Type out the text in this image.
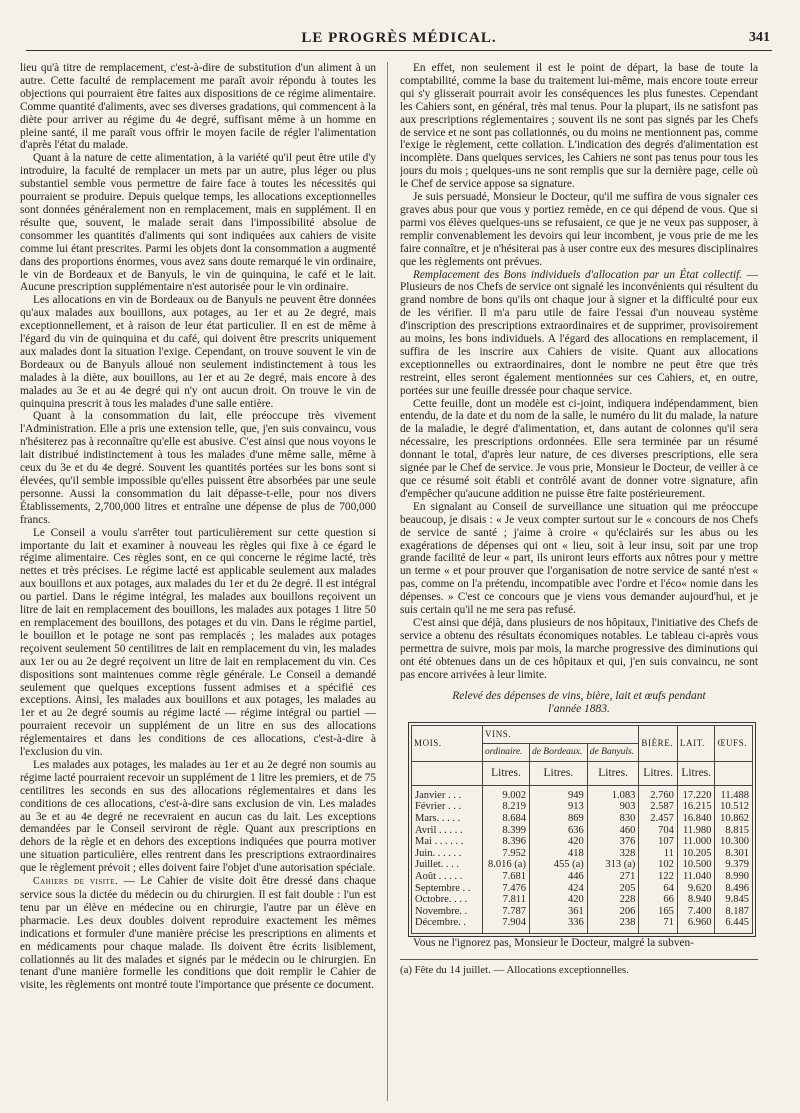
LE PROGRÈS MÉDICAL.	341

lieu qu'à titre de remplacement, c'est-à-dire de substitution d'un aliment à un autre. Cette faculté de remplacement me paraît avoir répondu à toutes les objections qui pourraient être faites aux dispositions de ce régime alimentaire. Comme quantité d'aliments, avec ses diverses gradations, qui commencent à la diète pour arriver au régime du 4e degré, suffisant même à un homme en pleine santé, il me paraît vous offrir le moyen facile de régler l'alimentation d'après l'état du malade.

Quant à la nature de cette alimentation, à la variété qu'il peut être utile d'y introduire, la faculté de remplacer un mets par un autre, plus léger ou plus substantiel semble vous permettre de faire face à toutes les nécessités qui pourraient se produire. Depuis quelque temps, les allocations exceptionnelles sont données généralement non en remplacement, mais en supplément. Il en résulte que, souvent, le malade serait dans l'impossibilité absolue de consommer les quantités d'aliments qui sont indiquées aux cahiers de visite comme lui étant prescrites. Parmi les objets dont la consommation a augmenté dans des proportions énormes, vous avez sans doute remarqué le vin ordinaire, le vin de Bordeaux et de Banyuls, le vin de quinquina, le café et le lait. Aucune prescription supplémentaire n'est autorisée pour le vin ordinaire.

Les allocations en vin de Bordeaux ou de Banyuls ne peuvent être données qu'aux malades aux bouillons, aux potages, au 1er et au 2e degré, mais exceptionnellement, et à raison de leur état particulier. Il en est de même à l'égard du vin de quinquina et du café, qui doivent être prescrits uniquement aux malades dont la situation l'exige. Cependant, on trouve souvent le vin de Bordeaux ou de Banyuls alloué non seulement indistinctement à tous les malades à la diète, aux bouillons, au 1er et au 2e degré, mais encore à des malades au 3e et au 4e degré qui n'y ont aucun droit. On trouve le vin de quinquina prescrit à tous les malades d'une salle entière.

Quant à la consommation du lait, elle préoccupe très vivement l'Administration. Elle a pris une extension telle, que, j'en suis convaincu, vous n'hésiterez pas à reconnaître qu'elle est abusive. C'est ainsi que nous voyons le lait distribué indistinctement à tous les malades d'une même salle, même à ceux du 3e et du 4e degré. Souvent les quantités portées sur les bons sont si élevées, qu'il semble impossible qu'elles puissent être absorbées par une seule personne. Aussi la consommation du lait dépasse-t-elle, pour nos divers Établissements, 2,700,000 litres et entraîne une dépense de plus de 700,000 francs.

Le Conseil a voulu s'arrêter tout particulièrement sur cette question si importante du lait et examiner à nouveau les règles qui fixe à ce égard le régime alimentaire. Ces règles sont, en ce qui concerne le régime lacté, très nettes et très précises. Le régime lacté est applicable seulement aux malades aux bouillons et aux potages, aux malades du 1er et du 2e degré. Il est intégral ou partiel. Dans le régime intégral, les malades aux bouillons reçoivent un litre de lait en remplacement des bouillons, les malades aux potages 1 litre 50 en remplacement des bouillons, des potages et du vin. Dans le régime partiel, le bouillon et le potage ne sont pas remplacés ; les malades aux potages reçoivent seulement 50 centilitres de lait en remplacement du vin, les malades aux 1er ou au 2e degré reçoivent un litre de lait en remplacement du vin. Ces dispositions sont maintenues comme règle générale. Le Conseil a demandé seulement que quelques exceptions fussent admises et a spécifié ces exceptions. Ainsi, les malades aux bouillons et aux potages, les malades au 1er et au 2e degré soumis au régime lacté — régime intégral ou partiel — pourraient recevoir un supplément de un litre en sus des allocations réglementaires et dans les conditions de ces allocations, c'est-à-dire à l'exclusion du vin.

Les malades aux potages, les malades au 1er et au 2e degré non soumis au régime lacté pourraient recevoir un supplément de 1 litre les premiers, et de 75 centilitres les seconds en sus des allocations réglementaires et dans les conditions de ces allocations, c'est-à-dire sans exclusion de vin. Les malades au 3e et au 4e degré ne recevraient en aucun cas du lait. Les exceptions demandées par le Conseil serviront de règle. Quant aux prescriptions en dehors de la règle et en dehors des exceptions indiquées que pourra motiver une situation particulière, elles rentrent dans les prescriptions extraordinaires que le règlement prévoit ; elles doivent faire l'objet d'une autorisation spéciale.

Cahiers de visite. — Le Cahier de visite doit être dressé dans chaque service sous la dictée du médecin ou du chirurgien. Il est fait double : l'un est tenu par un élève en médecine ou en chirurgie, l'autre par un élève en pharmacie. Les deux doubles doivent reproduire exactement les mêmes indications et formuler d'une manière précise les prescriptions en aliments et en médicaments pour chaque malade. Ils doivent être écrits lisiblement, collationnés au lit des malades et signés par le médecin ou le chirurgien. En tenant d'une manière formelle les conditions que doit remplir le Cahier de visite, les règlements ont montré toute l'importance que présente ce document.

En effet, non seulement il est le point de départ, la base de toute la comptabilité, comme la base du traitement lui-même, mais encore toute erreur qui s'y glisserait pourrait avoir les conséquences les plus funestes. Cependant les Cahiers sont, en général, très mal tenus. Pour la plupart, ils ne satisfont pas aux prescriptions réglementaires ; souvent ils ne sont pas signés par les Chefs de service et ne sont pas collationnés, ou du moins ne mentionnent pas, comme l'exige le règlement, cette collation. L'indication des degrés d'alimentation est incomplète. Dans quelques services, les Cahiers ne sont pas tenus pour tous les jours du mois ; quelques-uns ne sont remplis que sur la dernière page, celle où le Chef de service appose sa signature.

Je suis persuadé, Monsieur le Docteur, qu'il me suffira de vous signaler ces graves abus pour que vous y portiez remède, en ce qui dépend de vous. Que si parmi vos élèves quelques-uns se refusaient, ce que je ne veux pas supposer, à remplir convenablement les devoirs qui leur incombent, je vous prie de me les faire connaître, et je n'hésiterai pas à user contre eux des mesures disciplinaires que les règlements ont prévues.

Remplacement des Bons individuels d'allocation par un État collectif. — Plusieurs de nos Chefs de service ont signalé les inconvénients qui résultent du grand nombre de bons qu'ils ont chaque jour à signer et la difficulté pour eux de les vérifier. Il m'a paru utile de faire l'essai d'un nouveau système d'inscription des prescriptions extraordinaires et de supprimer, provisoirement au moins, les bons individuels. A l'égard des allocations en remplacement, il suffira de les inscrire aux Cahiers de visite. Quant aux allocations exceptionnelles ou extraordinaires, dont le nombre ne peut être que très restreint, elles seront également mentionnées sur ces Cahiers, et, en outre, portées sur une feuille dressée pour chaque service.

Cette feuille, dont un modèle est ci-joint, indiquera indépendamment, bien entendu, de la date et du nom de la salle, le numéro du lit du malade, la nature de la maladie, le degré d'alimentation, et, dans autant de colonnes qu'il sera nécessaire, les prescriptions ordonnées. Elle sera terminée par un résumé donnant le total, d'après leur nature, de ces diverses prescriptions, elle sera signée par le Chef de service. Je vous prie, Monsieur le Docteur, de veiller à ce que ce résumé soit établi et contrôlé avant de donner votre signature, afin d'empêcher qu'aucune addition ne puisse être faite postérieurement.

En signalant au Conseil de surveillance une situation qui me préoccupe beaucoup, je disais : « Je veux compter surtout sur le « concours de nos Chefs de service de santé ; j'aime à croire « qu'éclairés sur les abus ou les exagérations de dépenses qui ont « lieu, soit à leur insu, soit par une trop grande facilité de leur « part, ils uniront leurs efforts aux nôtres pour y mettre un terme « et pour prouver que l'organisation de notre service de santé n'est « pas, comme on l'a prétendu, incompatible avec l'ordre et l'éco« nomie dans les dépenses. » C'est ce concours que je viens vous demander aujourd'hui, et je suis certain qu'il ne me sera pas refusé.

C'est ainsi que déjà, dans plusieurs de nos hôpitaux, l'initiative des Chefs de service a obtenu des résultats économiques notables. Le tableau ci-après vous permettra de suivre, mois par mois, la marche progressive des diminutions qui ont été obtenues dans un de ces hôpitaux et qui, j'en suis convaincu, ne sont pas encore arrivées à leur limite.

Relevé des dépenses de vins, bière, lait et œufs pendant
l'année 1883.
MOIS.	VINS.			BIÈRE.	LAIT.	ŒUFS.
	ordinaire.	de Bordeaux.	de Banyuls.			
	Litres.	Litres.	Litres.	Litres.	Litres.	
Janvier . . .	9.002	949	1.083	2.760	17.220	11.488
Février . . .	8.219	913	903	2.587	16.215	10.512
Mars. . . . .	8.684	869	830	2.457	16.840	10.862
Avril . . . . .	8.399	636	460	704	11.980	8.815
Mai . . . . . .	8.396	420	376	107	11.000	10.300
Juin. . . . . .	7.952	418	328	11	10.205	8.301
Juillet. . . .	8.016 (a)	455 (a)	313 (a)	102	10.500	9.379
Août . . . . .	7.681	446	271	122	11.040	8.990
Septembre . .	7.476	424	205	64	9.620	8.496
Octobre. . . .	7.811	420	228	66	8.940	9.845
Novembre. .	7.787	361	206	165	7.400	8.187
Décembre. .	7.904	336	238	71	6.960	6.445

Vous ne l'ignorez pas, Monsieur le Docteur, malgré la subven-

(a) Fête du 14 juillet. — Allocations exceptionnelles.
